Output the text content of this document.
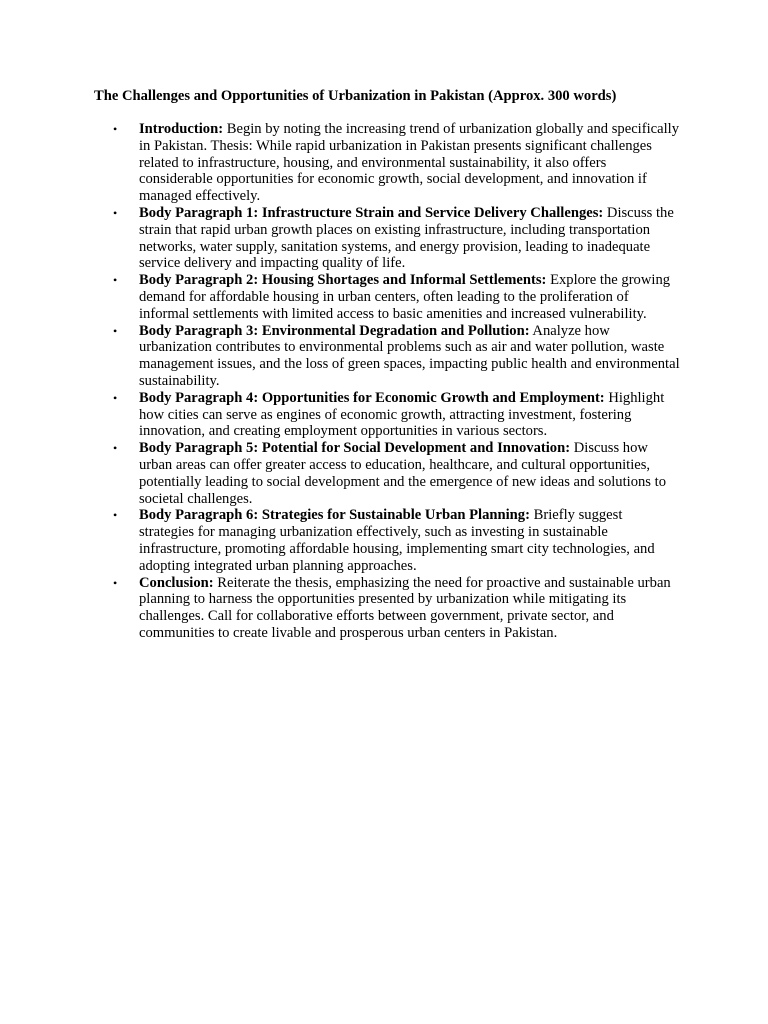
The Challenges and Opportunities of Urbanization in Pakistan (Approx. 300 words)
• Introduction: Begin by noting the increasing trend of urbanization globally and specifically in Pakistan. Thesis: While rapid urbanization in Pakistan presents significant challenges related to infrastructure, housing, and environmental sustainability, it also offers considerable opportunities for economic growth, social development, and innovation if managed effectively.
• Body Paragraph 1: Infrastructure Strain and Service Delivery Challenges: Discuss the strain that rapid urban growth places on existing infrastructure, including transportation networks, water supply, sanitation systems, and energy provision, leading to inadequate service delivery and impacting quality of life.
• Body Paragraph 2: Housing Shortages and Informal Settlements: Explore the growing demand for affordable housing in urban centers, often leading to the proliferation of informal settlements with limited access to basic amenities and increased vulnerability.
• Body Paragraph 3: Environmental Degradation and Pollution: Analyze how urbanization contributes to environmental problems such as air and water pollution, waste management issues, and the loss of green spaces, impacting public health and environmental sustainability.
• Body Paragraph 4: Opportunities for Economic Growth and Employment: Highlight how cities can serve as engines of economic growth, attracting investment, fostering innovation, and creating employment opportunities in various sectors.
• Body Paragraph 5: Potential for Social Development and Innovation: Discuss how urban areas can offer greater access to education, healthcare, and cultural opportunities, potentially leading to social development and the emergence of new ideas and solutions to societal challenges.
• Body Paragraph 6: Strategies for Sustainable Urban Planning: Briefly suggest strategies for managing urbanization effectively, such as investing in sustainable infrastructure, promoting affordable housing, implementing smart city technologies, and adopting integrated urban planning approaches.
• Conclusion: Reiterate the thesis, emphasizing the need for proactive and sustainable urban planning to harness the opportunities presented by urbanization while mitigating its challenges. Call for collaborative efforts between government, private sector, and communities to create livable and prosperous urban centers in Pakistan.
